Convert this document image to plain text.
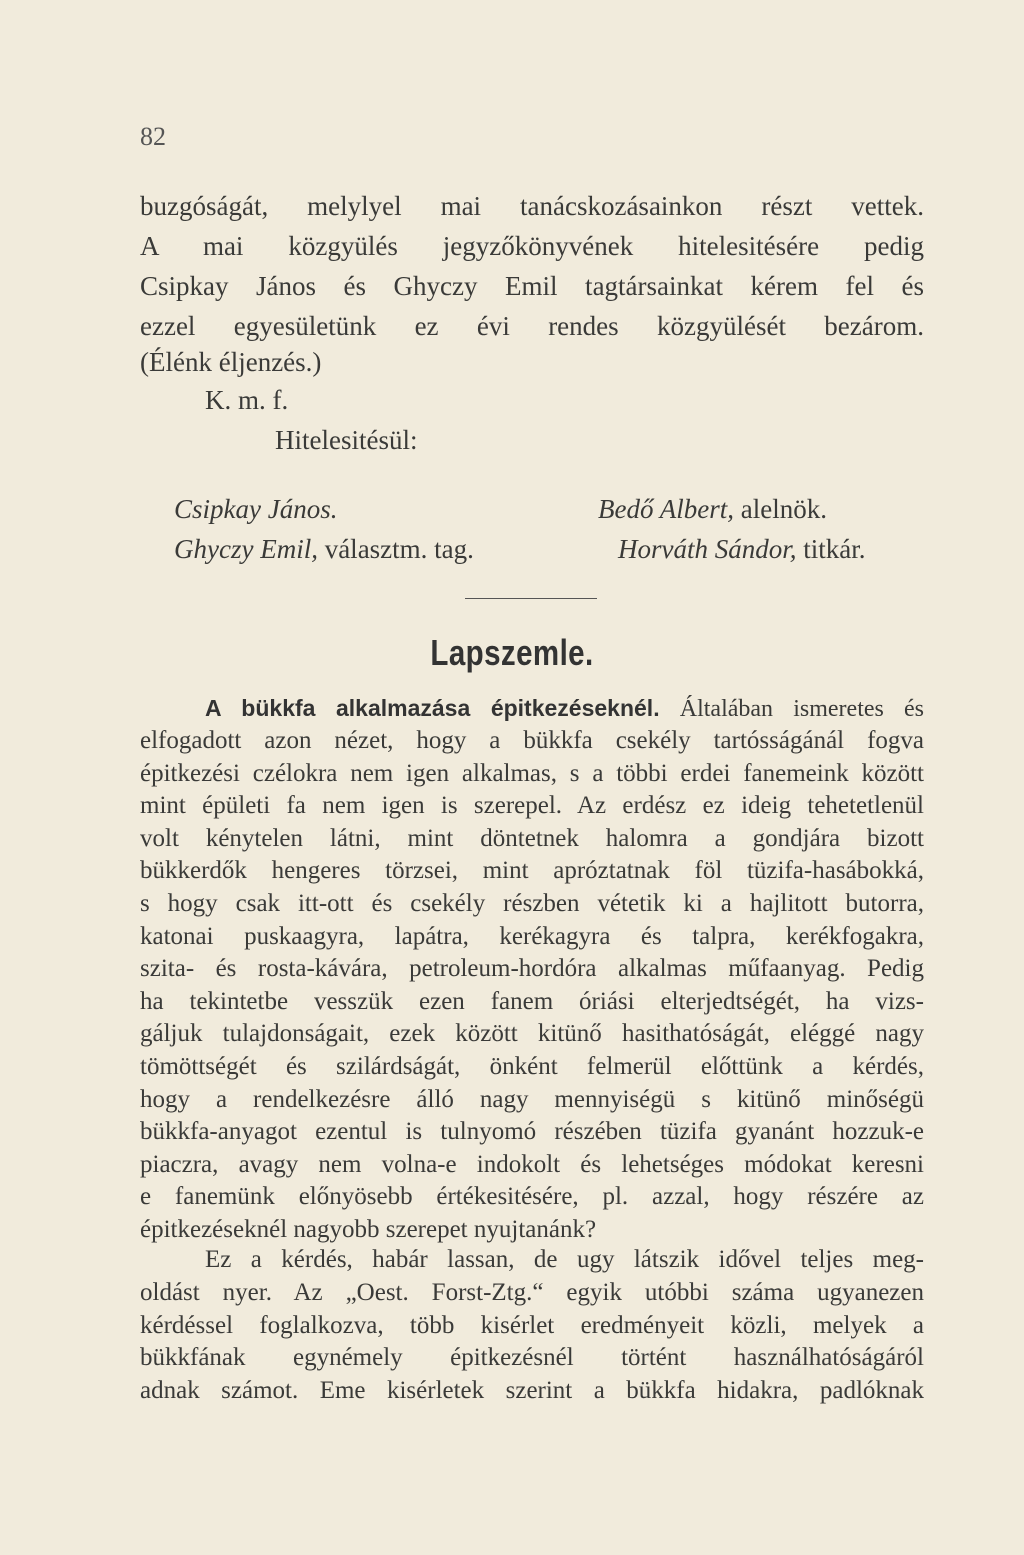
82
buzgóságát, melylyel mai tanácskozásainkon részt vettek.
A mai közgyülés jegyzőkönyvének hitelesitésére pedig
Csipkay János és Ghyczy Emil tagtársainkat kérem fel és
ezzel egyesületünk ez évi rendes közgyülését bezárom.
(Élénk éljenzés.)
K. m. f.
Hitelesitésül:
Csipkay János.	Bedő Albert, alelnök.
Ghyczy Emil, választm. tag.	Horváth Sándor, titkár.
Lapszemle.
A bükkfa alkalmazása épitkezéseknél. Általában ismeretes és
elfogadott azon nézet, hogy a bükkfa csekély tartósságánál fogva
épitkezési czélokra nem igen alkalmas, s a többi erdei fanemeink között
mint épületi fa nem igen is szerepel. Az erdész ez ideig tehetetlenül
volt kénytelen látni, mint döntetnek halomra a gondjára bizott
bükkerdők hengeres törzsei, mint apróztatnak föl tüzifa-hasábokká,
s hogy csak itt-ott és csekély részben vétetik ki a hajlitott butorra,
katonai puskaagyra, lapátra, kerékagyra és talpra, kerékfogakra,
szita- és rosta-kávára, petroleum-hordóra alkalmas műfaanyag. Pedig
ha tekintetbe vesszük ezen fanem óriási elterjedtségét, ha vizs-
gáljuk tulajdonságait, ezek között kitünő hasithatóságát, eléggé nagy
tömöttségét és szilárdságát, önként felmerül előttünk a kérdés,
hogy a rendelkezésre álló nagy mennyiségü s kitünő minőségü
bükkfa-anyagot ezentul is tulnyomó részében tüzifa gyanánt hozzuk-e
piaczra, avagy nem volna-e indokolt és lehetséges módokat keresni
e fanemünk előnyösebb értékesitésére, pl. azzal, hogy részére az
épitkezéseknél nagyobb szerepet nyujtanánk?
Ez a kérdés, habár lassan, de ugy látszik idővel teljes meg-
oldást nyer. Az „Oest. Forst-Ztg.“ egyik utóbbi száma ugyanezen
kérdéssel foglalkozva, több kisérlet eredményeit közli, melyek a
bükkfának egynémely épitkezésnél történt használhatóságáról
adnak számot. Eme kisérletek szerint a bükkfa hidakra, padlóknak
